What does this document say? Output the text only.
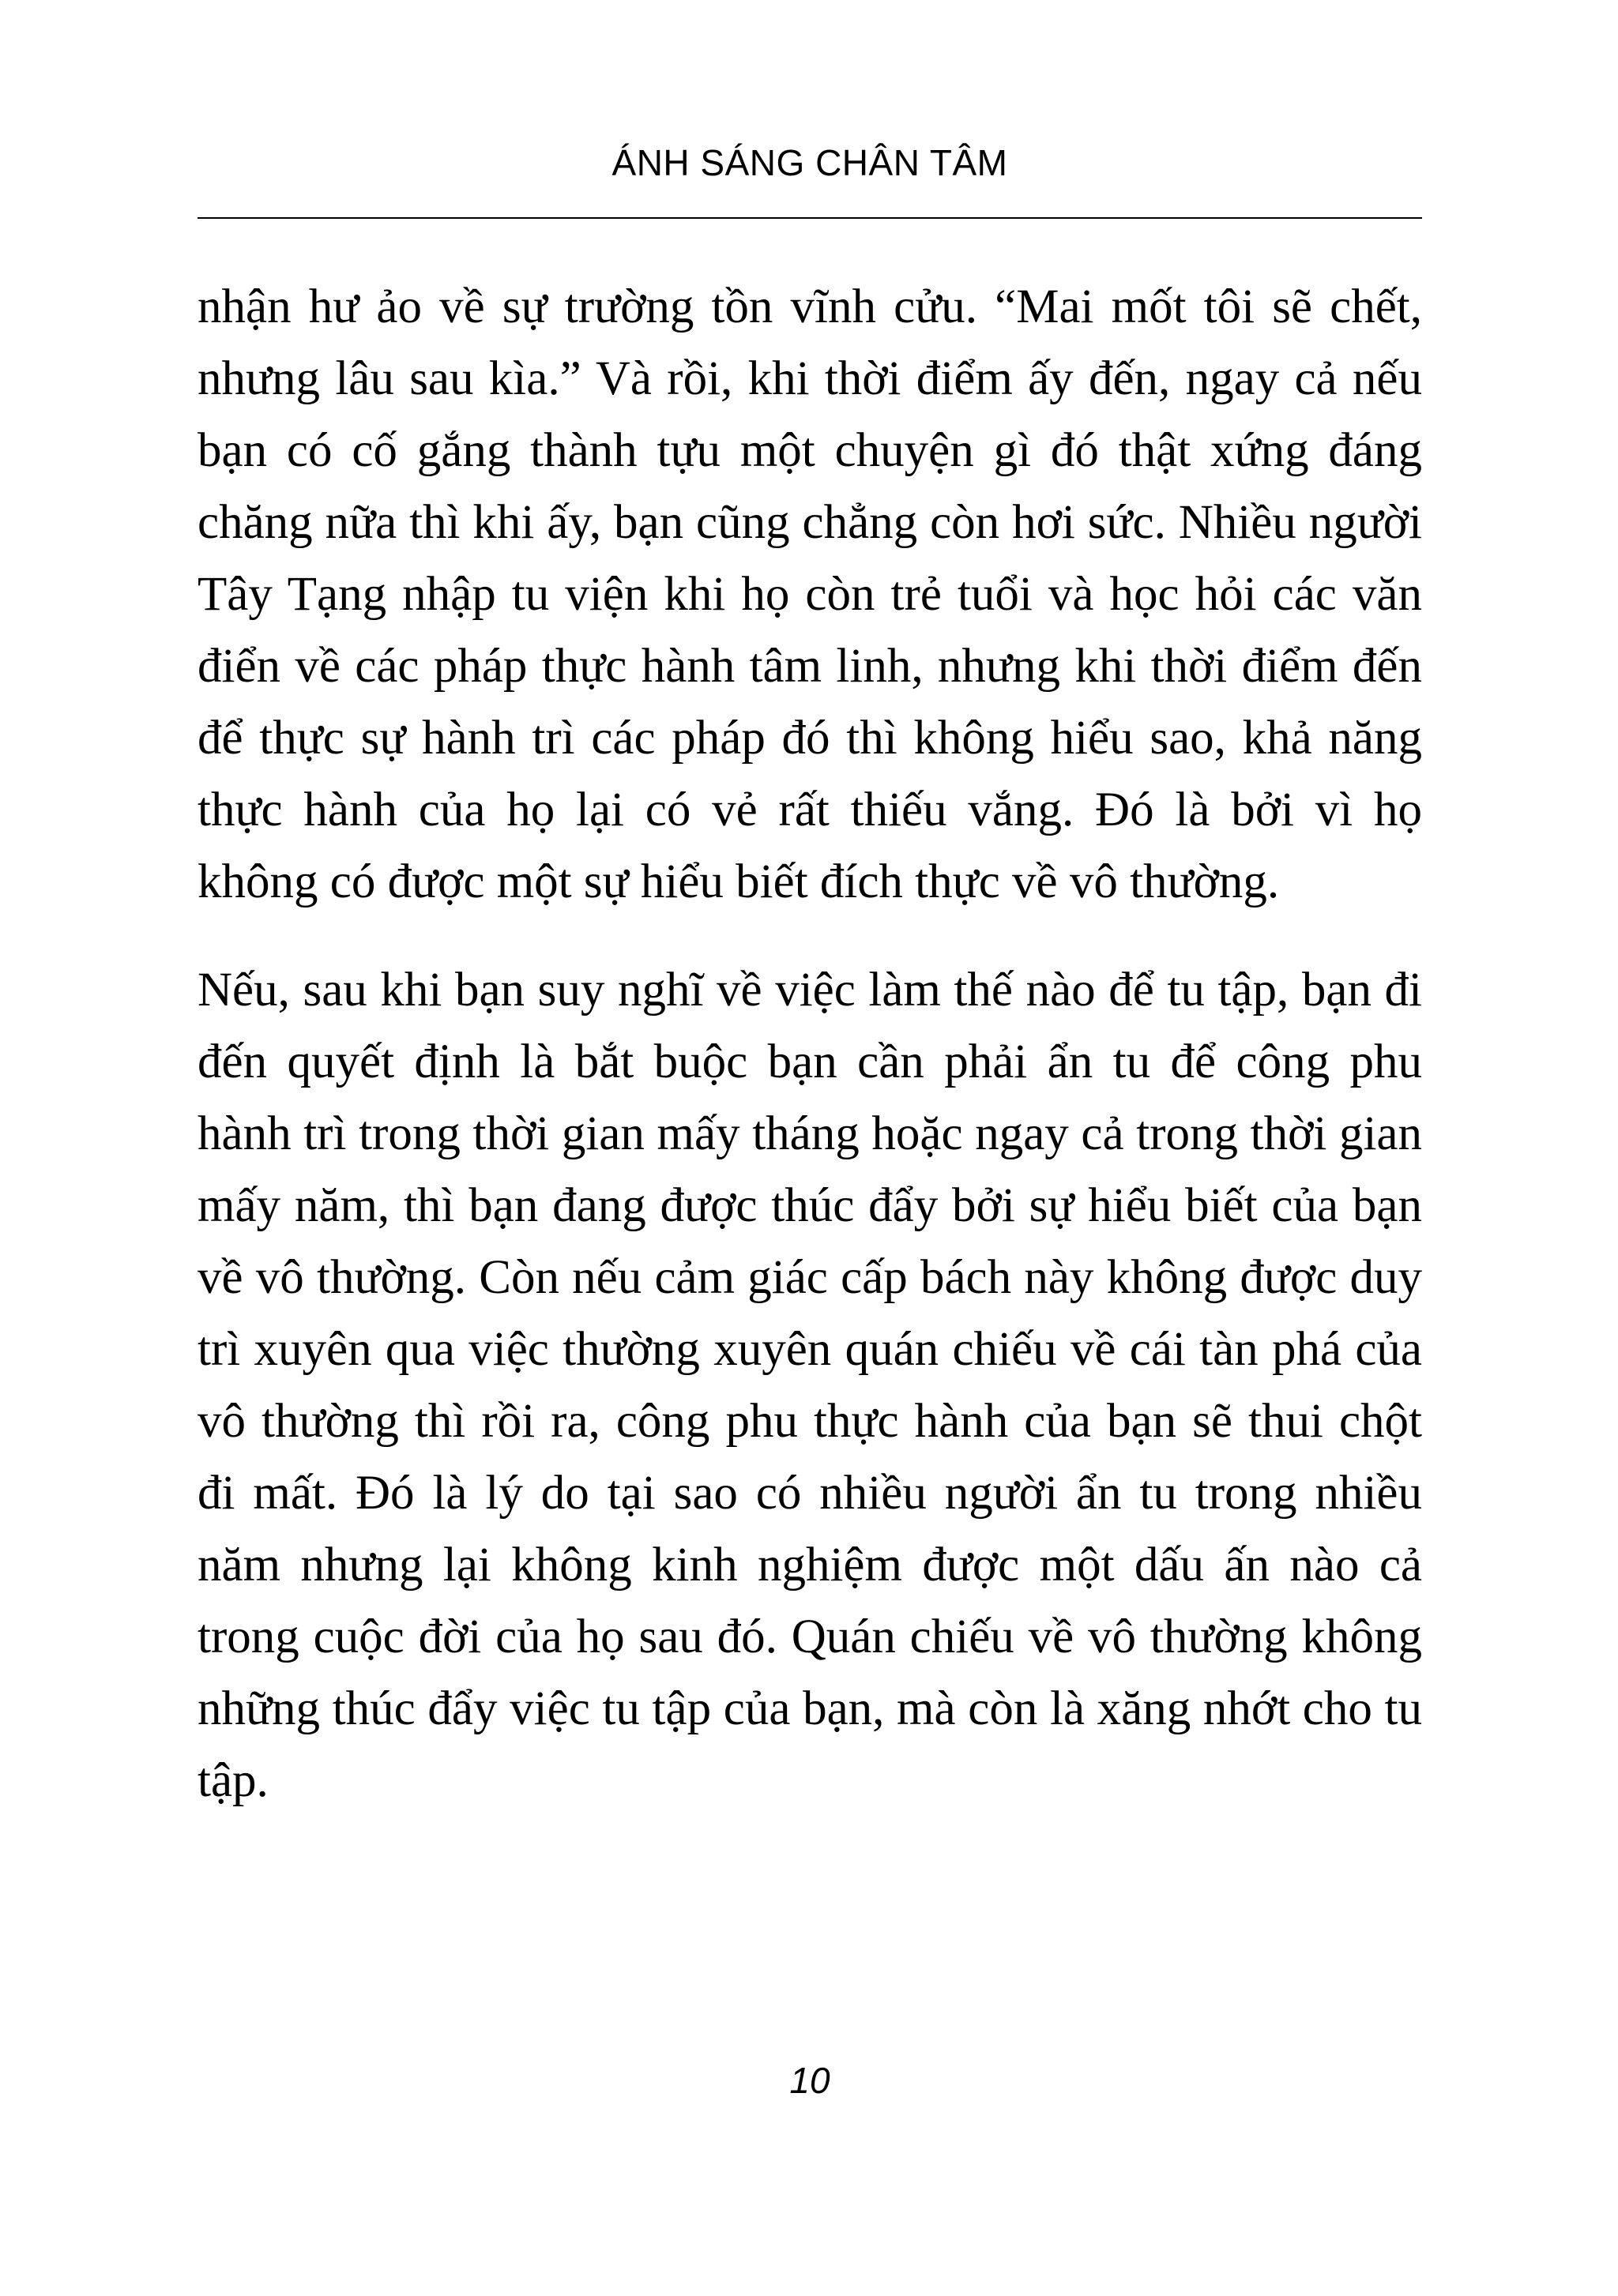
ÁNH SÁNG CHÂN TÂM

nhận hư ảo về sự trường tồn vĩnh cửu. “Mai mốt tôi sẽ chết, nhưng lâu sau kìa.” Và rồi, khi thời điểm ấy đến, ngay cả nếu bạn có cố gắng thành tựu một chuyện gì đó thật xứng đáng chăng nữa thì khi ấy, bạn cũng chẳng còn hơi sức. Nhiều người Tây Tạng nhập tu viện khi họ còn trẻ tuổi và học hỏi các văn điển về các pháp thực hành tâm linh, nhưng khi thời điểm đến để thực sự hành trì các pháp đó thì không hiểu sao, khả năng thực hành của họ lại có vẻ rất thiếu vắng. Đó là bởi vì họ không có được một sự hiểu biết đích thực về vô thường.

Nếu, sau khi bạn suy nghĩ về việc làm thế nào để tu tập, bạn đi đến quyết định là bắt buộc bạn cần phải ẩn tu để công phu hành trì trong thời gian mấy tháng hoặc ngay cả trong thời gian mấy năm, thì bạn đang được thúc đẩy bởi sự hiểu biết của bạn về vô thường. Còn nếu cảm giác cấp bách này không được duy trì xuyên qua việc thường xuyên quán chiếu về cái tàn phá của vô thường thì rồi ra, công phu thực hành của bạn sẽ thui chột đi mất. Đó là lý do tại sao có nhiều người ẩn tu trong nhiều năm nhưng lại không kinh nghiệm được một dấu ấn nào cả trong cuộc đời của họ sau đó. Quán chiếu về vô thường không những thúc đẩy việc tu tập của bạn, mà còn là xăng nhớt cho tu tập.

10
